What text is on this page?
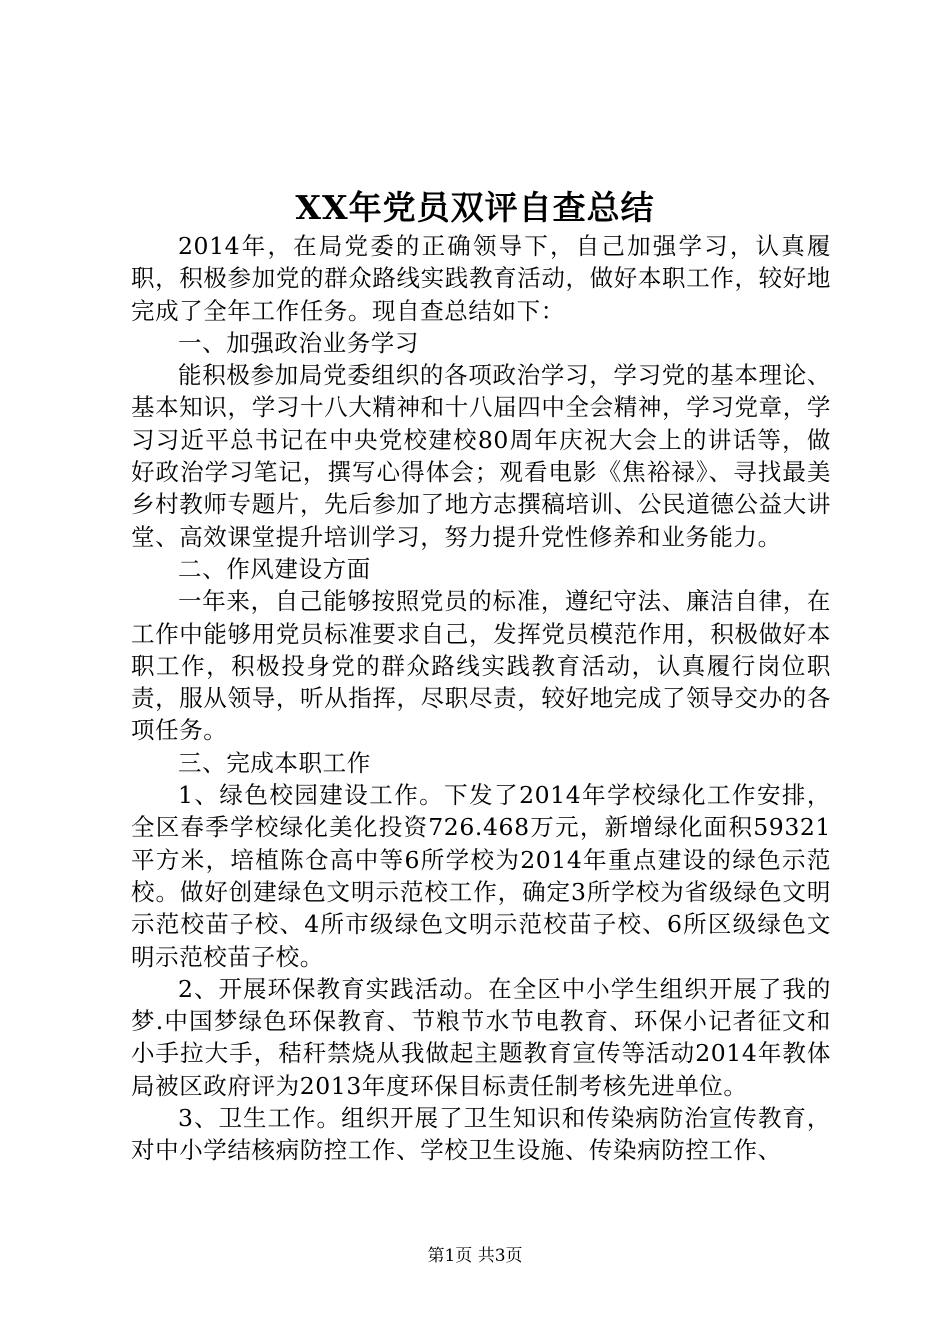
XX年党员双评自查总结

2014年，在局党委的正确领导下，自己加强学习，认真履职，积极参加党的群众路线实践教育活动，做好本职工作，较好地完成了全年工作任务。现自查总结如下：

一、加强政治业务学习

能积极参加局党委组织的各项政治学习，学习党的基本理论、基本知识，学习十八大精神和十八届四中全会精神，学习党章，学习习近平总书记在中央党校建校80周年庆祝大会上的讲话等，做好政治学习笔记，撰写心得体会；观看电影《焦裕禄》、寻找最美乡村教师专题片，先后参加了地方志撰稿培训、公民道德公益大讲堂、高效课堂提升培训学习，努力提升党性修养和业务能力。

二、作风建设方面

一年来，自己能够按照党员的标准，遵纪守法、廉洁自律，在工作中能够用党员标准要求自己，发挥党员模范作用，积极做好本职工作，积极投身党的群众路线实践教育活动，认真履行岗位职责，服从领导，听从指挥，尽职尽责，较好地完成了领导交办的各项任务。

三、完成本职工作

1、绿色校园建设工作。下发了2014年学校绿化工作安排，全区春季学校绿化美化投资726.468万元，新增绿化面积59321平方米，培植陈仓高中等6所学校为2014年重点建设的绿色示范校。做好创建绿色文明示范校工作，确定3所学校为省级绿色文明示范校苗子校、4所市级绿色文明示范校苗子校、6所区级绿色文明示范校苗子校。

2、开展环保教育实践活动。在全区中小学生组织开展了我的梦.中国梦绿色环保教育、节粮节水节电教育、环保小记者征文和小手拉大手，秸秆禁烧从我做起主题教育宣传等活动2014年教体局被区政府评为2013年度环保目标责任制考核先进单位。

3、卫生工作。组织开展了卫生知识和传染病防治宣传教育，对中小学结核病防控工作、学校卫生设施、传染病防控工作、

第1页 共3页
